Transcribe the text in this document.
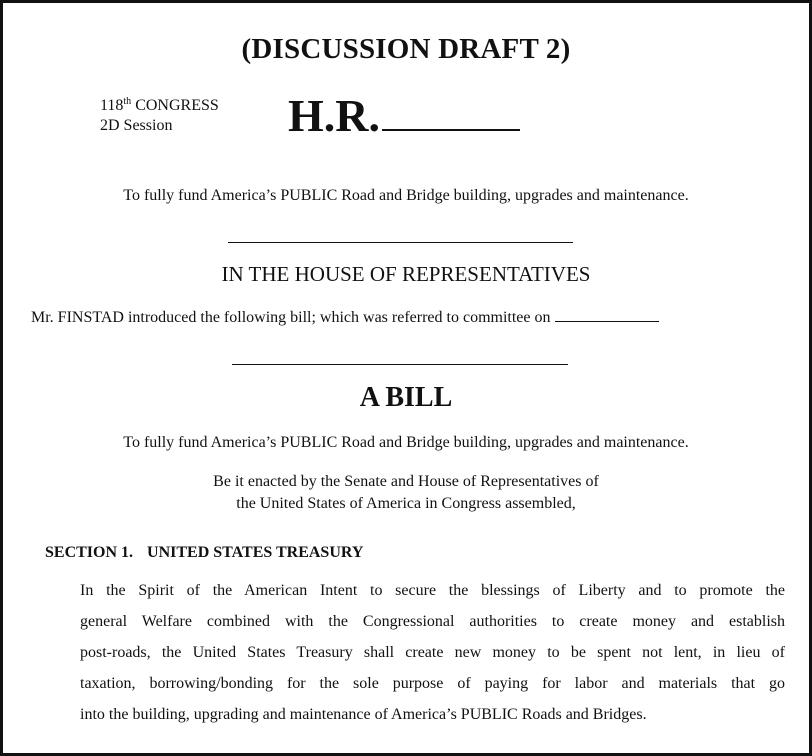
(DISCUSSION DRAFT 2)
118th CONGRESS
2D Session	H.R.
To fully fund America’s PUBLIC Road and Bridge building, upgrades and maintenance.
IN THE HOUSE OF REPRESENTATIVES
Mr. FINSTAD introduced the following bill; which was referred to committee on
A BILL
To fully fund America’s PUBLIC Road and Bridge building, upgrades and maintenance.
Be it enacted by the Senate and House of Representatives of
the United States of America in Congress assembled,
SECTION 1. UNITED STATES TREASURY
In the Spirit of the American Intent to secure the blessings of Liberty and to promote the
general Welfare combined with the Congressional authorities to create money and establish
post-roads, the United States Treasury shall create new money to be spent not lent, in lieu of
taxation, borrowing/bonding for the sole purpose of paying for labor and materials that go
into the building, upgrading and maintenance of America’s PUBLIC Roads and Bridges.
